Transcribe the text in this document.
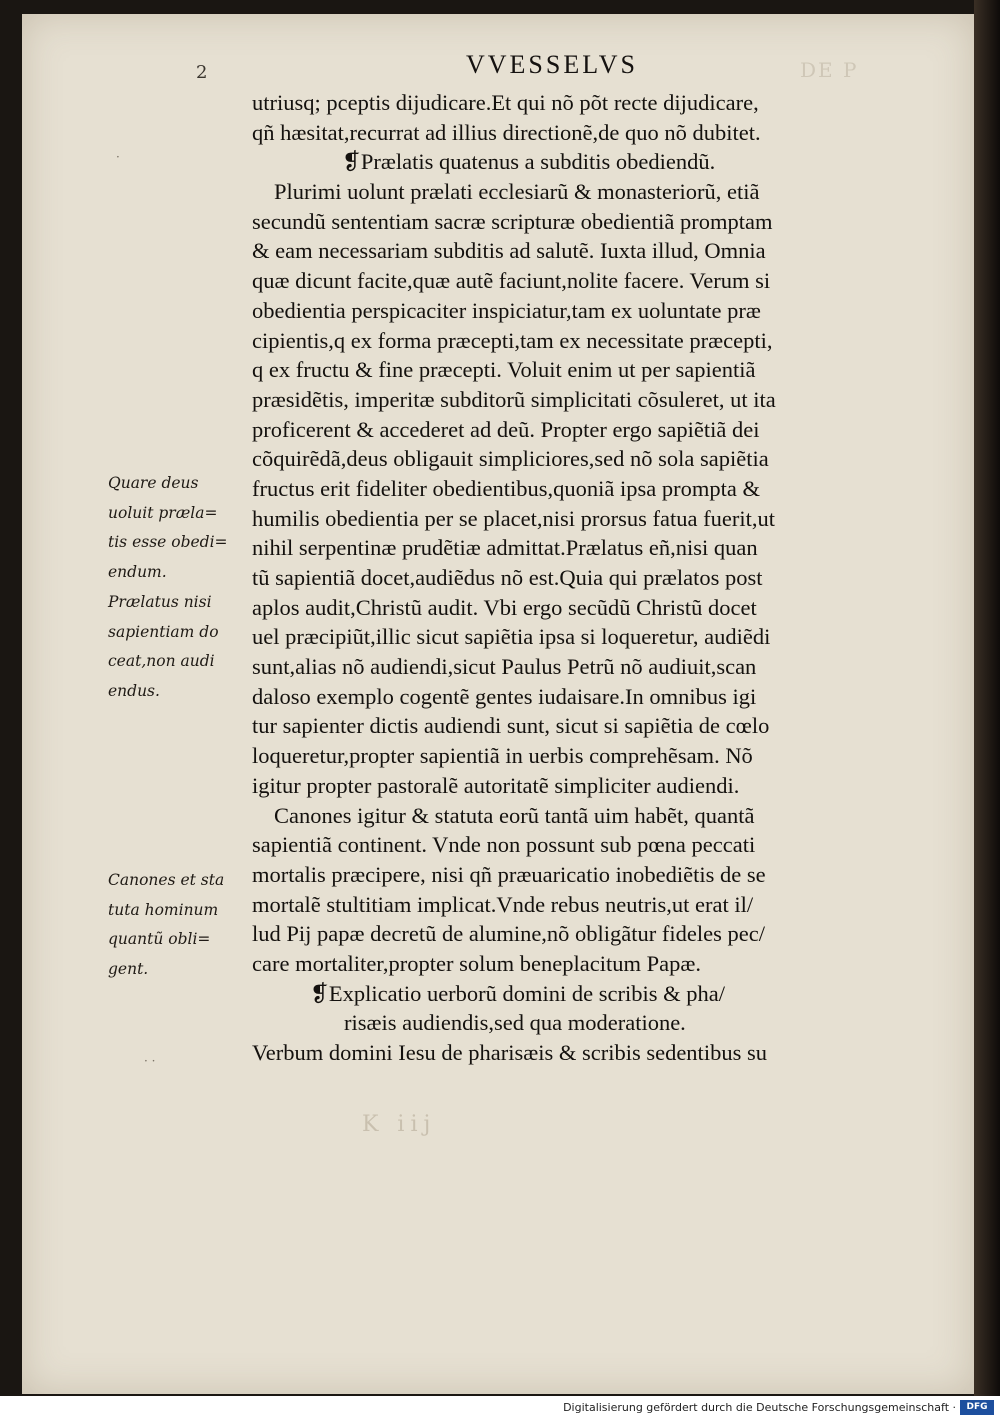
2	VVESSELVS	DE P
utriusq; pceptis dijudicare.Et qui nõ põt recte dijudicare,
qñ hæsitat,recurrat ad illius directionẽ,de quo nõ dubitet.
❡Prælatis quatenus a subditis obediendũ.
Plurimi uolunt prælati ecclesiarũ & monasteriorũ, etiã
secundũ sententiam sacræ scripturæ obedientiã promptam
& eam necessariam subditis ad salutẽ. Iuxta illud, Omnia
quæ dicunt facite,quæ autẽ faciunt,nolite facere. Verum si
obedientia perspicaciter inspiciatur,tam ex uoluntate præ
cipientis,q ex forma præcepti,tam ex necessitate præcepti,
q ex fructu & fine præcepti. Voluit enim ut per sapientiã
præsidẽtis, imperitæ subditorũ simplicitati cõsuleret, ut ita
proficerent & accederet ad deũ. Propter ergo sapiẽtiã dei
cõquirẽdã,deus obligauit simpliciores,sed nõ sola sapiẽtia
fructus erit fideliter obedientibus,quoniã ipsa prompta &
humilis obedientia per se placet,nisi prorsus fatua fuerit,ut
nihil serpentinæ prudẽtiæ admittat.Prælatus eñ,nisi quan
tũ sapientiã docet,audiẽdus nõ est.Quia qui prælatos post
aplos audit,Christũ audit. Vbi ergo secũdũ Christũ docet
uel præcipiũt,illic sicut sapiẽtia ipsa si loqueretur, audiẽdi
sunt,alias nõ audiendi,sicut Paulus Petrũ nõ audiuit,scan
daloso exemplo cogentẽ gentes iudaisare.In omnibus igi
tur sapienter dictis audiendi sunt, sicut si sapiẽtia de cœlo
loqueretur,propter sapientiã in uerbis comprehẽsam. Nõ
igitur propter pastoralẽ autoritatẽ simpliciter audiendi.
Canones igitur & statuta eorũ tantã uim habẽt, quantã
sapientiã continent. Vnde non possunt sub pœna peccati
mortalis præcipere, nisi qñ præuaricatio inobediẽtis de se
mortalẽ stultitiam implicat.Vnde rebus neutris,ut erat il/
lud Pij papæ decretũ de alumine,nõ obligãtur fideles pec/
care mortaliter,propter solum beneplacitum Papæ.
❡Explicatio uerborũ domini de scribis & pha/
risæis audiendis,sed qua moderatione.
Verbum domini Iesu de pharisæis & scribis sedentibus su
Quare deus
uoluit præla=
tis esse obedi=
endum.
Prælatus nisi
sapientiam do
ceat,non audi
endus.
Canones et sta
tuta hominum
quantũ obli=
gent.
·
· ·
K iij
Digitalisierung gefördert durch die Deutsche Forschungsgemeinschaft ·	DFG
